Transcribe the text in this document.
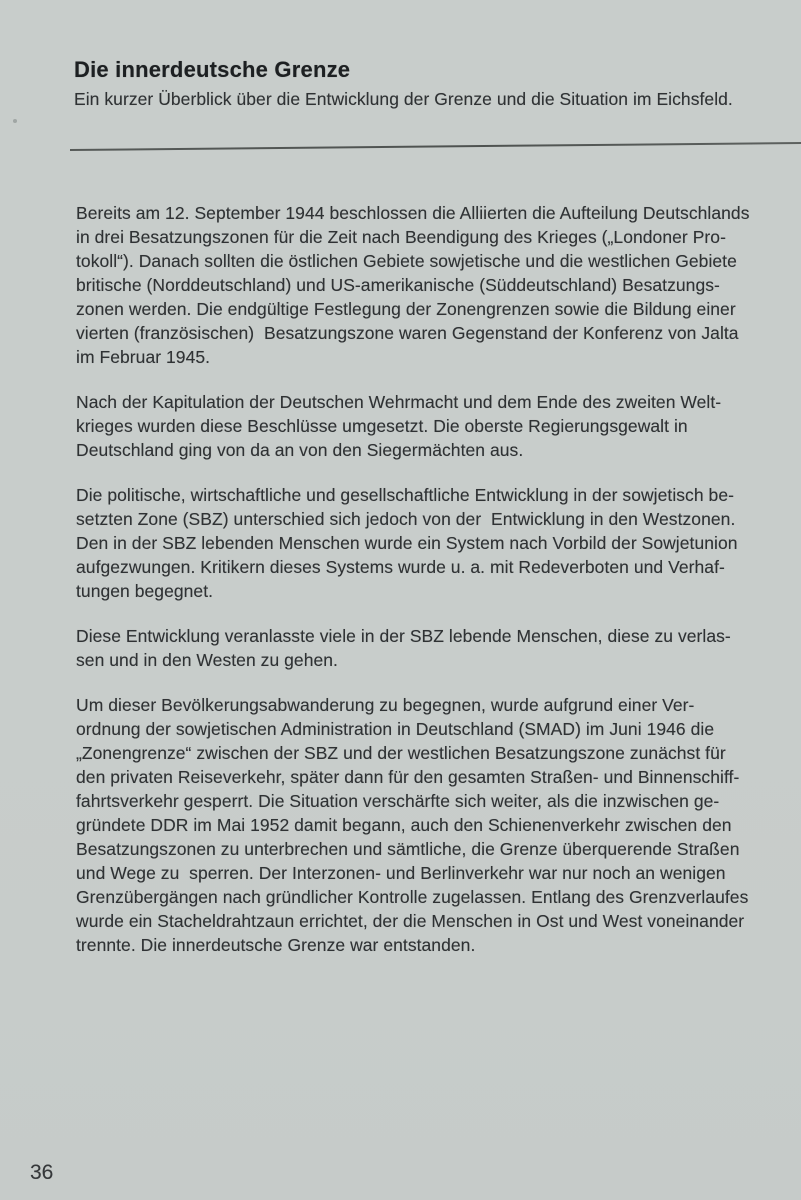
Die innerdeutsche Grenze
Ein kurzer Überblick über die Entwicklung der Grenze und die Situation im Eichsfeld.
Bereits am 12. September 1944 beschlossen die Alliierten die Aufteilung Deutschlands
in drei Besatzungszonen für die Zeit nach Beendigung des Krieges („Londoner Pro-
tokoll“). Danach sollten die östlichen Gebiete sowjetische und die westlichen Gebiete
britische (Norddeutschland) und US-amerikanische (Süddeutschland) Besatzungs-
zonen werden. Die endgültige Festlegung der Zonengrenzen sowie die Bildung einer
vierten (französischen)  Besatzungszone waren Gegenstand der Konferenz von Jalta
im Februar 1945.
Nach der Kapitulation der Deutschen Wehrmacht und dem Ende des zweiten Welt-
krieges wurden diese Beschlüsse umgesetzt. Die oberste Regierungsgewalt in
Deutschland ging von da an von den Siegermächten aus.
Die politische, wirtschaftliche und gesellschaftliche Entwicklung in der sowjetisch be-
setzten Zone (SBZ) unterschied sich jedoch von der  Entwicklung in den Westzonen.
Den in der SBZ lebenden Menschen wurde ein System nach Vorbild der Sowjetunion
aufgezwungen. Kritikern dieses Systems wurde u. a. mit Redeverboten und Verhaf-
tungen begegnet.
Diese Entwicklung veranlasste viele in der SBZ lebende Menschen, diese zu verlas-
sen und in den Westen zu gehen.
Um dieser Bevölkerungsabwanderung zu begegnen, wurde aufgrund einer Ver-
ordnung der sowjetischen Administration in Deutschland (SMAD) im Juni 1946 die
„Zonengrenze“ zwischen der SBZ und der westlichen Besatzungszone zunächst für
den privaten Reiseverkehr, später dann für den gesamten Straßen- und Binnenschiff-
fahrtsverkehr gesperrt. Die Situation verschärfte sich weiter, als die inzwischen ge-
gründete DDR im Mai 1952 damit begann, auch den Schienenverkehr zwischen den
Besatzungszonen zu unterbrechen und sämtliche, die Grenze überquerende Straßen
und Wege zu  sperren. Der Interzonen- und Berlinverkehr war nur noch an wenigen
Grenzübergängen nach gründlicher Kontrolle zugelassen. Entlang des Grenzverlaufes
wurde ein Stacheldrahtzaun errichtet, der die Menschen in Ost und West voneinander
trennte. Die innerdeutsche Grenze war entstanden.
36
